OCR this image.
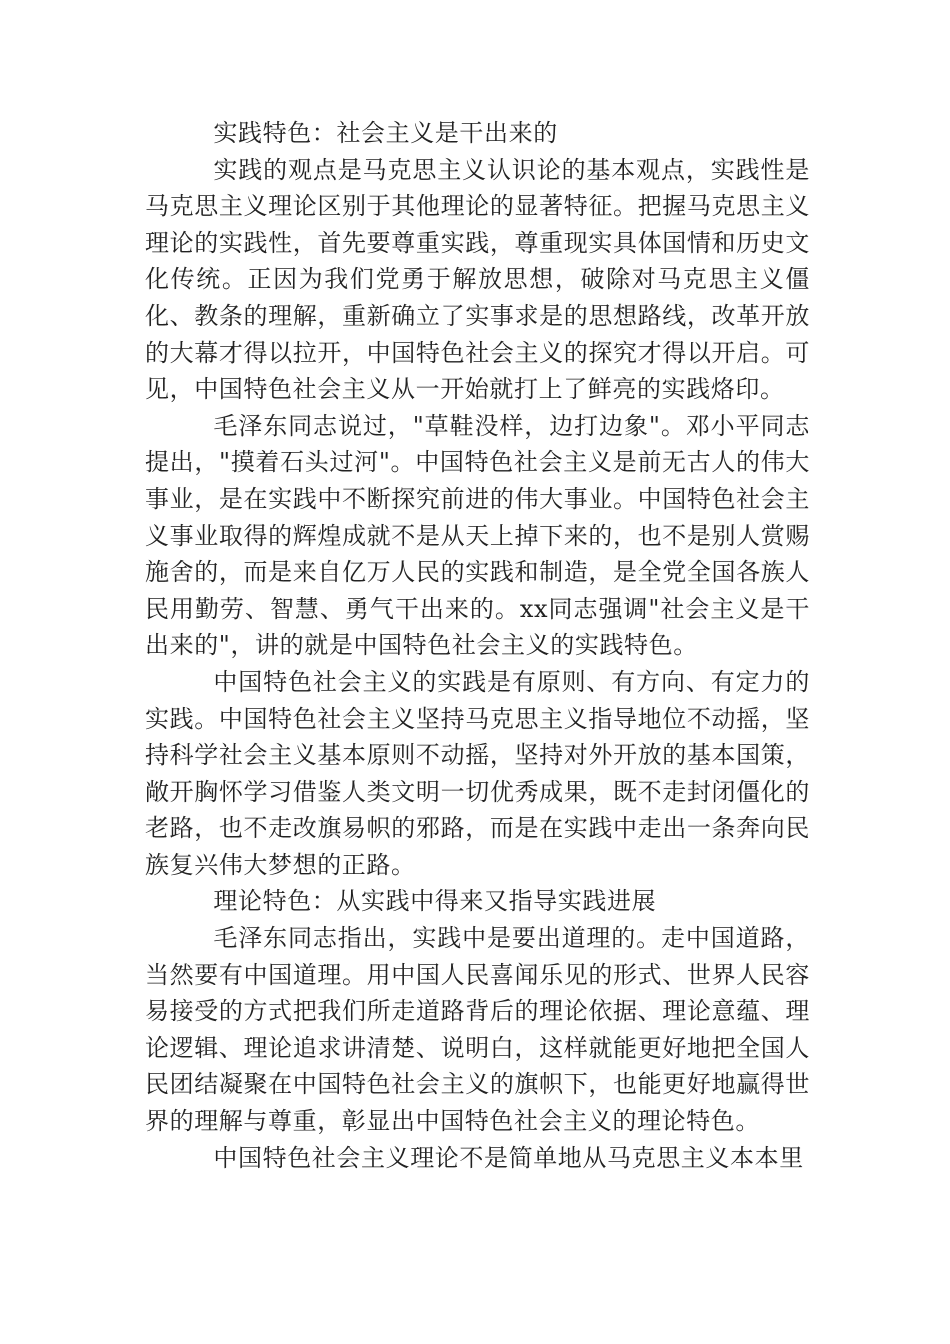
实践特色：社会主义是干出来的

实践的观点是马克思主义认识论的基本观点，实践性是马克思主义理论区别于其他理论的显著特征。把握马克思主义理论的实践性，首先要尊重实践，尊重现实具体国情和历史文化传统。正因为我们党勇于解放思想，破除对马克思主义僵化、教条的理解，重新确立了实事求是的思想路线，改革开放的大幕才得以拉开，中国特色社会主义的探究才得以开启。可见，中国特色社会主义从一开始就打上了鲜亮的实践烙印。

毛泽东同志说过，"草鞋没样，边打边象"。邓小平同志提出，"摸着石头过河"。中国特色社会主义是前无古人的伟大事业，是在实践中不断探究前进的伟大事业。中国特色社会主义事业取得的辉煌成就不是从天上掉下来的，也不是别人赏赐施舍的，而是来自亿万人民的实践和制造，是全党全国各族人民用勤劳、智慧、勇气干出来的。xx同志强调"社会主义是干出来的"，讲的就是中国特色社会主义的实践特色。

中国特色社会主义的实践是有原则、有方向、有定力的实践。中国特色社会主义坚持马克思主义指导地位不动摇，坚持科学社会主义基本原则不动摇，坚持对外开放的基本国策，敞开胸怀学习借鉴人类文明一切优秀成果，既不走封闭僵化的老路，也不走改旗易帜的邪路，而是在实践中走出一条奔向民族复兴伟大梦想的正路。

理论特色：从实践中得来又指导实践进展

毛泽东同志指出，实践中是要出道理的。走中国道路，当然要有中国道理。用中国人民喜闻乐见的形式、世界人民容易接受的方式把我们所走道路背后的理论依据、理论意蕴、理论逻辑、理论追求讲清楚、说明白，这样就能更好地把全国人民团结凝聚在中国特色社会主义的旗帜下，也能更好地赢得世界的理解与尊重，彰显出中国特色社会主义的理论特色。

中国特色社会主义理论不是简单地从马克思主义本本里
